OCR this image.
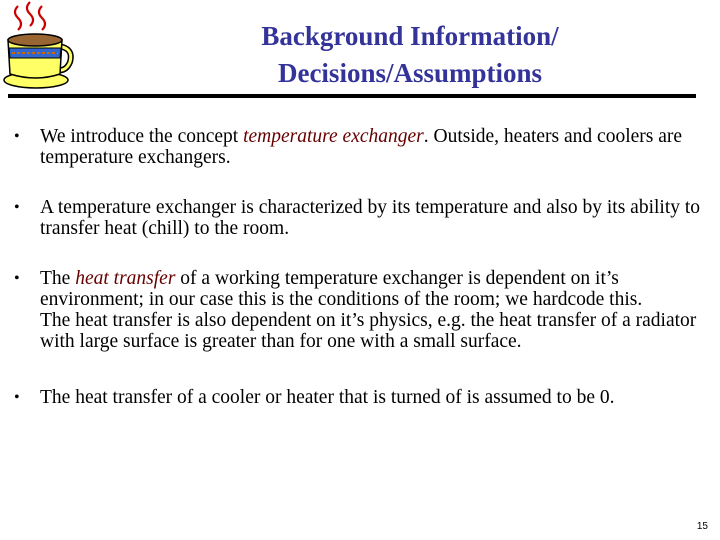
Background Information/
Decisions/Assumptions
• We introduce the concept temperature exchanger. Outside, heaters and coolers are temperature exchangers.
• A temperature exchanger is characterized by its temperature and also by its ability to transfer heat (chill) to the room.
• The heat transfer of a working temperature exchanger is dependent on it’s environment; in our case this is the conditions of the room; we hardcode this.
The heat transfer is also dependent on it’s physics, e.g. the heat transfer of a radiator with large surface is greater than for one with a small surface.
• The heat transfer of a cooler or heater that is turned of is assumed to be 0.
15
